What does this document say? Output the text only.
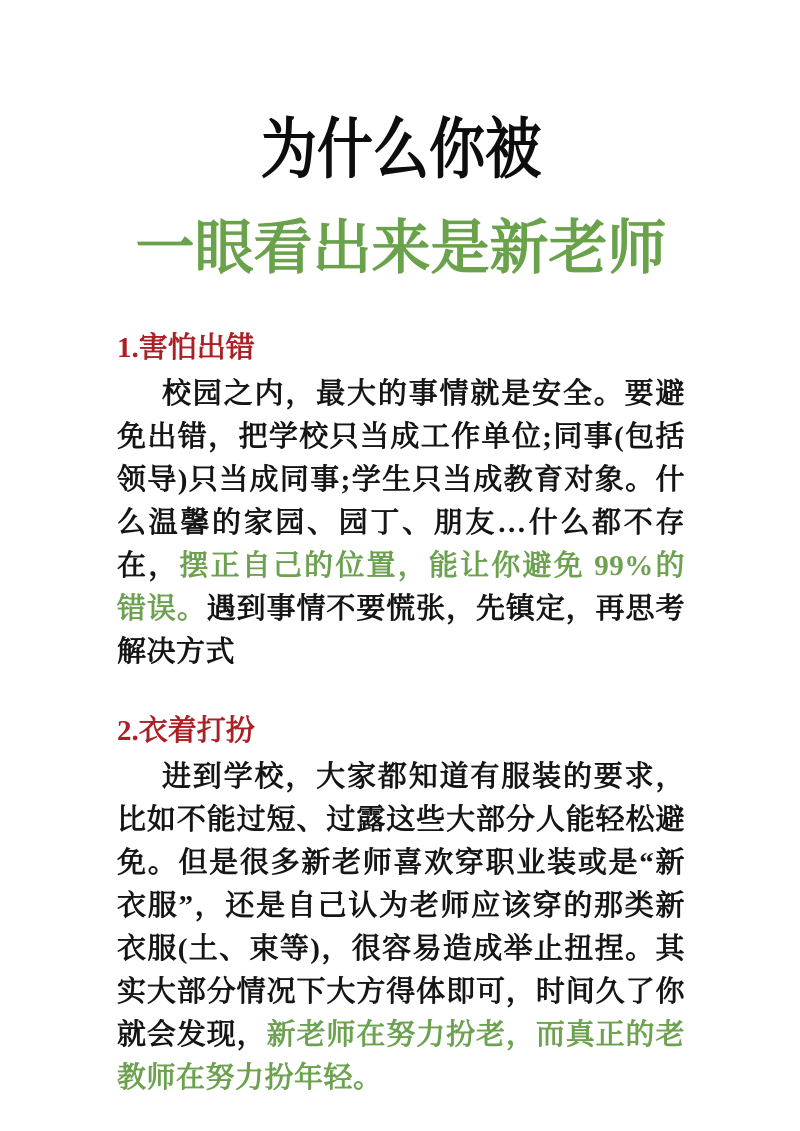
为什么你被
一眼看出来是新老师
1.害怕出错

校园之内，最大的事情就是安全。要避免出错，把学校只当成工作单位;同事(包括领导)只当成同事;学生只当成教育对象。什么温馨的家园、园丁、朋友…什么都不存在，摆正自己的位置，能让你避免 99%的错误。遇到事情不要慌张，先镇定，再思考解决方式

2.衣着打扮

进到学校，大家都知道有服装的要求，比如不能过短、过露这些大部分人能轻松避免。但是很多新老师喜欢穿职业装或是“新衣服”，还是自己认为老师应该穿的那类新衣服(土、束等)，很容易造成举止扭捏。其实大部分情况下大方得体即可，时间久了你就会发现，新老师在努力扮老，而真正的老教师在努力扮年轻。
